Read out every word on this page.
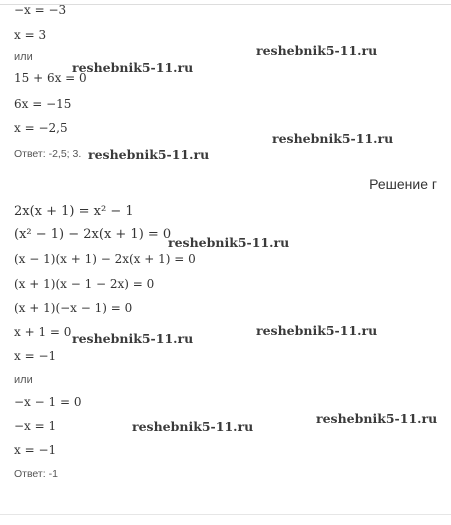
−x = −3
x = 3
или
15 + 6x = 0
6x = −15
x = −2,5
Ответ: -2,5; 3.
Решение г
2x(x + 1) = x² − 1
(x² − 1) − 2x(x + 1) = 0
(x − 1)(x + 1) − 2x(x + 1) = 0
(x + 1)(x − 1 − 2x) = 0
(x + 1)(−x − 1) = 0
x + 1 = 0
x = −1
или
−x − 1 = 0
−x = 1
x = −1
Ответ: -1
reshebnik5-11.ru
reshebnik5-11.ru
reshebnik5-11.ru
reshebnik5-11.ru
reshebnik5-11.ru
reshebnik5-11.ru
reshebnik5-11.ru
reshebnik5-11.ru
reshebnik5-11.ru
